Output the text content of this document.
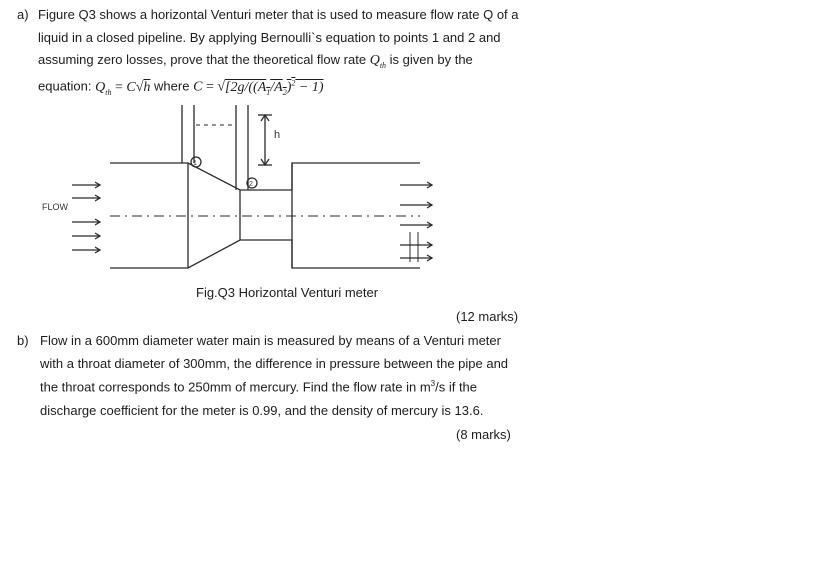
a) Figure Q3 shows a horizontal Venturi meter that is used to measure flow rate Q of a
liquid in a closed pipeline. By applying Bernoulli`s equation to points 1 and 2 and
assuming zero losses, prove that the theoretical flow rate $Q_{th}$ is given by the
equation: $Q_{th} = C√h$ where $C = √[2g/((A_1/A_2)^2 - 1)$
FLOW
1
2
h
Fig.Q3 Horizontal Venturi meter
(12 marks)
b) Flow in a 600mm diameter water main is measured by means of a Venturi meter
with a throat diameter of 300mm, the difference in pressure between the pipe and
the throat corresponds to 250mm of mercury. Find the flow rate in $m^3/s$ if the
discharge coefficient for the meter is 0.99, and the density of mercury is 13.6.
(8 marks)
